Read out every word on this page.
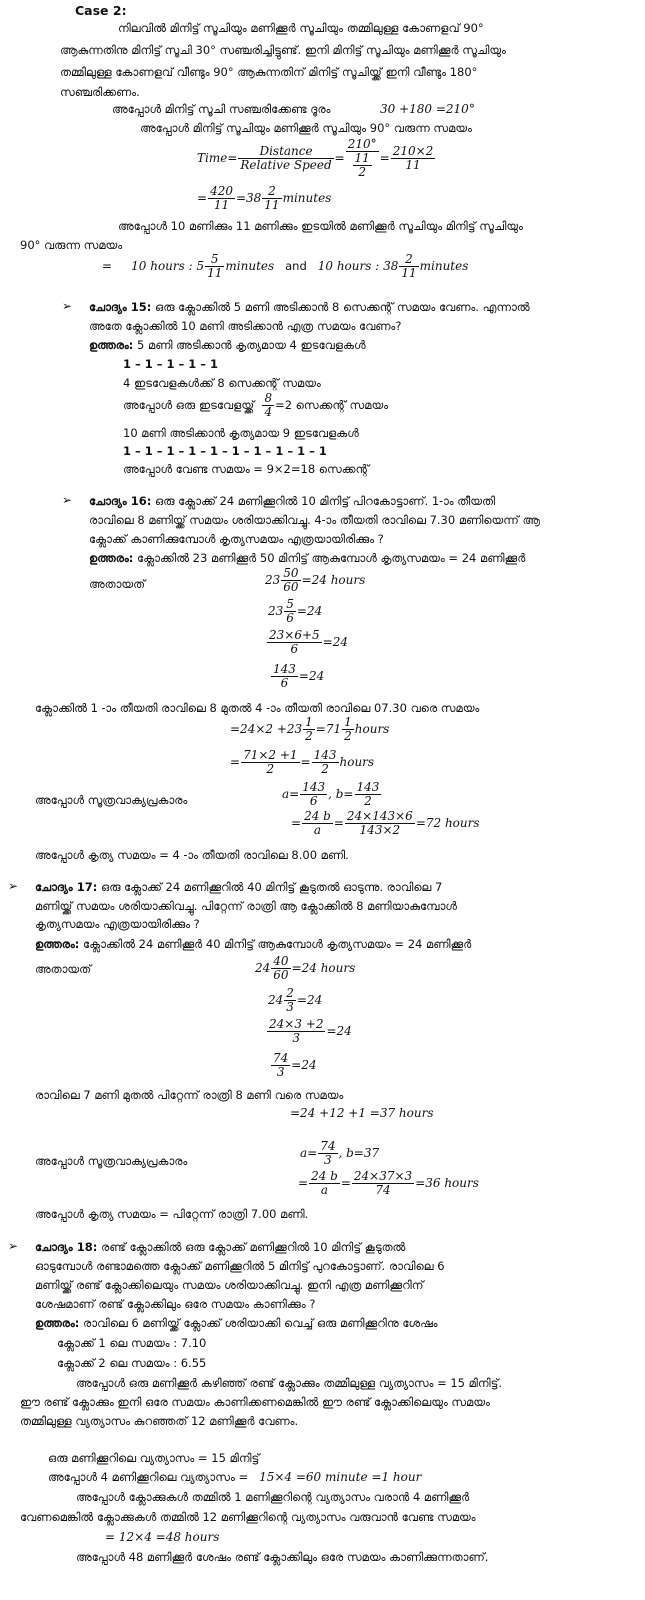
Case 2:
നിലവിൽ മിനിട്ട് സൂചിയും മണിക്കൂർ സൂചിയും തമ്മിലുള്ള കോണളവ് 90°
ആകുന്നതിനു മിനിട്ട് സൂചി 30° സഞ്ചരിച്ചിട്ടുണ്ട്. ഇനി മിനിട്ട് സൂചിയും മണിക്കൂർ സൂചിയും
തമ്മിലുള്ള കോണളവ് വീണ്ടും 90° ആകുന്നതിന് മിനിട്ട് സൂചിയ്ക്ക് ഇനി വീണ്ടും 180°
സഞ്ചരിക്കണം.
അപ്പോൾ മിനിട്ട് സൂചി സഞ്ചരിക്കേണ്ട ദൂരം	30 +180 =210°
അപ്പോൾ മിനിട്ട് സൂചിയും മണിക്കൂർ സൂചിയും 90° വരുന്ന സമയം
Time= $\frac{\text{Distance}}{\text{Relative Speed}} = \frac{210^\circ}{\frac{11}{2}} = \frac{210\times 2}{11}$
= $\frac{420}{11} =38 \frac{2}{11}$ minutes
അപ്പോൾ 10 മണിക്കും 11 മണിക്കും ഇടയിൽ മണിക്കൂർ സൂചിയും മിനിട്ട് സൂചിയും
90° വരുന്ന സമയം
=     10 hours : $5 \frac{5}{11}$ minutes and 10 hours : $38 \frac{2}{11}$ minutes
➢ ചോദ്യം 15: ഒരു ക്ലോക്കിൽ 5 മണി അടിക്കാൻ 8 സെക്കന്റ് സമയം വേണം. എന്നാൽ
അതേ ക്ലോക്കിൽ 10 മണി അടിക്കാൻ എത്ര സമയം വേണം?
ഉത്തരം: 5 മണി അടിക്കാൻ കൃത്യമായ 4 ഇടവേളകൾ
1 – 1 – 1 – 1 – 1
4 ഇടവേളകൾക്ക് 8 സെക്കന്റ് സമയം
അപ്പോൾ ഒരു ഇടവേളയ്ക്ക് $\frac{8}{4} =2$ സെക്കന്റ് സമയം
10 മണി അടിക്കാൻ കൃത്യമായ 9 ഇടവേളകൾ
1 – 1 – 1 – 1 – 1 – 1 – 1 – 1 – 1 – 1
അപ്പോൾ വേണ്ട സമയം = 9×2=18 സെക്കന്റ്
➢ ചോദ്യം 16: ഒരു ക്ലോക്ക് 24 മണിക്കൂറിൽ 10 മിനിട്ട് പിറകോട്ടാണ്. 1-ാം തീയതി
രാവിലെ 8 മണിയ്ക്ക് സമയം ശരിയാക്കിവച്ചു. 4-ാം തീയതി രാവിലെ 7.30 മണിയെന്ന് ആ
ക്ലോക്ക് കാണിക്കുമ്പോൾ കൃത്യസമയം എത്രയായിരിക്കും ?
ഉത്തരം: ക്ലോക്കിൽ 23 മണിക്കൂർ 50 മിനിട്ട് ആകുമ്പോൾ കൃത്യസമയം = 24 മണിക്കൂർ
അതായത്	$23 \frac{50}{60} =24$ hours
$23 \frac{5}{6} =24$
$\frac{23\times 6+5}{6} =24$
$\frac{143}{6} =24$
ക്ലോക്കിൽ 1 -ാം തീയതി രാവിലെ 8 മുതൽ 4 -ാം തീയതി രാവിലെ 07.30 വരെ സമയം
$=24\times 2 +23 \frac{1}{2} =71 \frac{1}{2}$ hours
= $\frac{71\times 2 +1}{2} = \frac{143}{2}$ hours
അപ്പോൾ സൂത്രവാക്യപ്രകാരം	$a= \frac{143}{6}$ , $b= \frac{143}{2}$
= $\frac{24 b}{a} = \frac{24\times 143\times 6}{143\times 2} =72$ hours
അപ്പോൾ കൃത്യ സമയം = 4 -ാം തീയതി രാവിലെ 8.00 മണി.
➢ ചോദ്യം 17: ഒരു ക്ലോക്ക് 24 മണിക്കൂറിൽ 40 മിനിട്ട് കൂടുതൽ ഓടുന്നു. രാവിലെ 7
മണിയ്ക്ക് സമയം ശരിയാക്കിവച്ചു. പിറ്റേന്ന് രാത്രി ആ ക്ലോക്കിൽ 8 മണിയാകുമ്പോൾ
കൃത്യസമയം എത്രയായിരിക്കും ?
ഉത്തരം: ക്ലോക്കിൽ 24 മണിക്കൂർ 40 മിനിട്ട് ആകുമ്പോൾ കൃത്യസമയം = 24 മണിക്കൂർ
അതായത്	$24 \frac{40}{60} =24$ hours
$24 \frac{2}{3} =24$
$\frac{24\times 3 +2}{3} =24$
$\frac{74}{3} =24$
രാവിലെ 7 മണി മുതൽ പിറ്റേന്ന് രാത്രി 8 മണി വരെ സമയം
=24 +12 +1 =37 hours
അപ്പോൾ സൂത്രവാക്യപ്രകാരം
$a= \frac{74}{3}$ , b=37
= $\frac{24 b}{a} = \frac{24\times 37\times 3}{74} =36$ hours
അപ്പോൾ കൃത്യ സമയം = പിറ്റേന്ന് രാത്രി 7.00 മണി.
➢ ചോദ്യം 18: രണ്ട് ക്ലോക്കിൽ ഒരു ക്ലോക്ക് മണിക്കൂറിൽ 10 മിനിട്ട് കൂടുതൽ
ഓടുമ്പോൾ രണ്ടാമത്തെ ക്ലോക്ക് മണിക്കൂറിൽ 5 മിനിട്ട് പുറകോട്ടാണ്. രാവിലെ 6
മണിയ്ക്ക് രണ്ട് ക്ലോക്കിലെയും സമയം ശരിയാക്കിവച്ചു. ഇനി എത്ര മണിക്കൂറിന്
ശേഷമാണ് രണ്ട് ക്ലോക്കിലും ഒരേ സമയം കാണിക്കും ?
ഉത്തരം: രാവിലെ 6 മണിയ്ക്ക് ക്ലോക്ക് ശരിയാക്കി വെച്ച് ഒരു മണിക്കൂറിനു ശേഷം
ക്ലോക്ക് 1 ലെ സമയം : 7.10
ക്ലോക്ക് 2 ലെ സമയം : 6.55
അപ്പോൾ ഒരു മണിക്കൂർ കഴിഞ്ഞ് രണ്ട് ക്ലോക്കും തമ്മിലുള്ള വ്യത്യാസം = 15 മിനിട്ട്.
ഈ രണ്ട് ക്ലോക്കും ഇനി ഒരേ സമയം കാണിക്കണമെങ്കിൽ ഈ രണ്ട് ക്ലോക്കിലെയും സമയം
തമ്മിലുള്ള വ്യത്യാസം കുറഞ്ഞത് 12 മണിക്കൂർ വേണം.
ഒരു മണിക്കൂറിലെ വ്യത്യാസം = 15 മിനിട്ട്
അപ്പോൾ 4 മണിക്കൂറിലെ വ്യത്യാസം = 15×4 =60 minute =1 hour
അപ്പോൾ ക്ലോക്കുകൾ തമ്മിൽ 1 മണിക്കൂറിന്റെ വ്യത്യാസം വരാൻ 4 മണിക്കൂർ
വേണമെങ്കിൽ ക്ലോക്കുകൾ തമ്മിൽ 12 മണിക്കൂറിന്റെ വ്യത്യാസം വരുവാൻ വേണ്ട സമയം
= 12×4 =48 hours
അപ്പോൾ 48 മണിക്കൂർ ശേഷം രണ്ട് ക്ലോക്കിലും ഒരേ സമയം കാണിക്കുന്നതാണ്.
